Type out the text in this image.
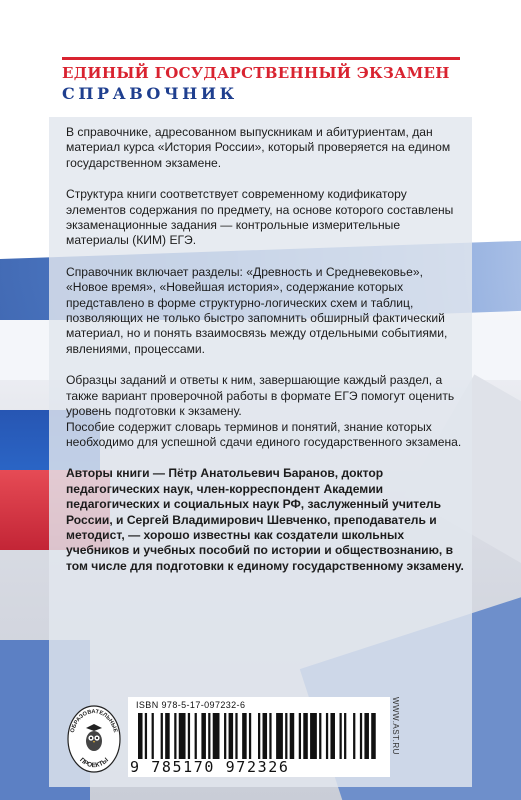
ЕДИНЫЙ ГОСУДАРСТВЕННЫЙ ЭКЗАМЕН
СПРАВОЧНИК

В справочнике, адресованном выпускникам и абитуриентам, дан материал курса «История России», который проверяется на едином государственном экзамене.

Структура книги соответствует современному кодификатору элементов содержания по предмету, на основе которого составлены экзаменационные задания — контрольные измерительные материалы (КИМ) ЕГЭ.

Справочник включает разделы: «Древность и Средневековье», «Новое время», «Новейшая история», содержание которых представлено в форме структурно-логических схем и таблиц, позволяющих не только быстро запомнить обширный фактический материал, но и понять взаимосвязь между отдельными событиями, явлениями, процессами.

Образцы заданий и ответы к ним, завершающие каждый раздел, а также вариант проверочной работы в формате ЕГЭ помогут оценить уровень подготовки к экзамену.

Пособие содержит словарь терминов и понятий, знание которых необходимо для успешной сдачи единого государственного экзамена.

Авторы книги — Пётр Анатольевич Баранов, доктор педагогических наук, член-корреспондент Академии педагогических и социальных наук РФ, заслуженный учитель России, и Сергей Владимирович Шевченко, преподаватель и методист, — хорошо известны как создатели школьных учебников и учебных пособий по истории и обществознанию, в том числе для подготовки к единому государственному экзамену.

ОБРАЗОВАТЕЛЬНЫЕ
ПРОЕКТЫ
ISBN 978-5-17-097232-6
9 785170 972326
WWW.AST.RU
